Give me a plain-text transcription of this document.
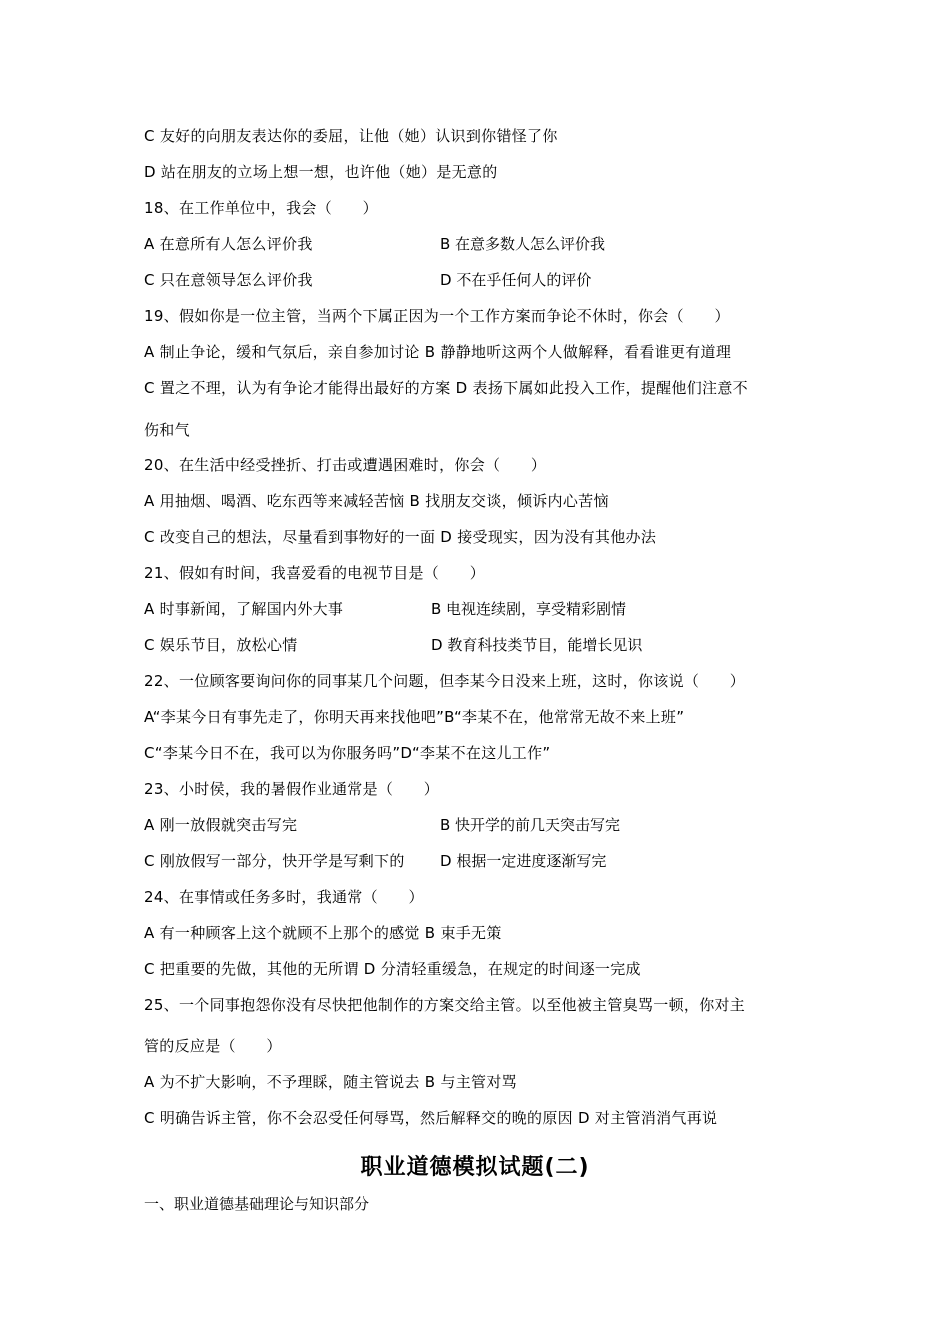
C 友好的向朋友表达你的委屈，让他（她）认识到你错怪了你
D 站在朋友的立场上想一想，也许他（她）是无意的
18、在工作单位中，我会（　　）
A 在意所有人怎么评价我	B 在意多数人怎么评价我
C 只在意领导怎么评价我	D 不在乎任何人的评价
19、假如你是一位主管，当两个下属正因为一个工作方案而争论不休时，你会（　　）
A 制止争论，缓和气氛后，亲自参加讨论 B 静静地听这两个人做解释，看看谁更有道理
C 置之不理，认为有争论才能得出最好的方案 D 表扬下属如此投入工作，提醒他们注意不
伤和气
20、在生活中经受挫折、打击或遭遇困难时，你会（　　）
A 用抽烟、喝酒、吃东西等来减轻苦恼 B 找朋友交谈，倾诉内心苦恼
C 改变自己的想法，尽量看到事物好的一面 D 接受现实，因为没有其他办法
21、假如有时间，我喜爱看的电视节目是（　　）
A 时事新闻，了解国内外大事	B 电视连续剧，享受精彩剧情
C 娱乐节目，放松心情	D 教育科技类节目，能增长见识
22、一位顾客要询问你的同事某几个问题，但李某今日没来上班，这时，你该说（　　）
A“李某今日有事先走了，你明天再来找他吧”B“李某不在，他常常无故不来上班”
C“李某今日不在，我可以为你服务吗”D“李某不在这儿工作”
23、小时侯，我的暑假作业通常是（　　）
A 刚一放假就突击写完	B 快开学的前几天突击写完
C 刚放假写一部分，快开学是写剩下的 D 根据一定进度逐渐写完
24、在事情或任务多时，我通常（　　）
A 有一种顾客上这个就顾不上那个的感觉 B 束手无策
C 把重要的先做，其他的无所谓 D 分清轻重缓急，在规定的时间逐一完成
25、一个同事抱怨你没有尽快把他制作的方案交给主管。以至他被主管臭骂一顿，你对主
管的反应是（　　）
A 为不扩大影响，不予理睬，随主管说去 B 与主管对骂
C 明确告诉主管，你不会忍受任何辱骂，然后解释交的晚的原因 D 对主管消消气再说
职业道德模拟试题(二)
一、职业道德基础理论与知识部分
